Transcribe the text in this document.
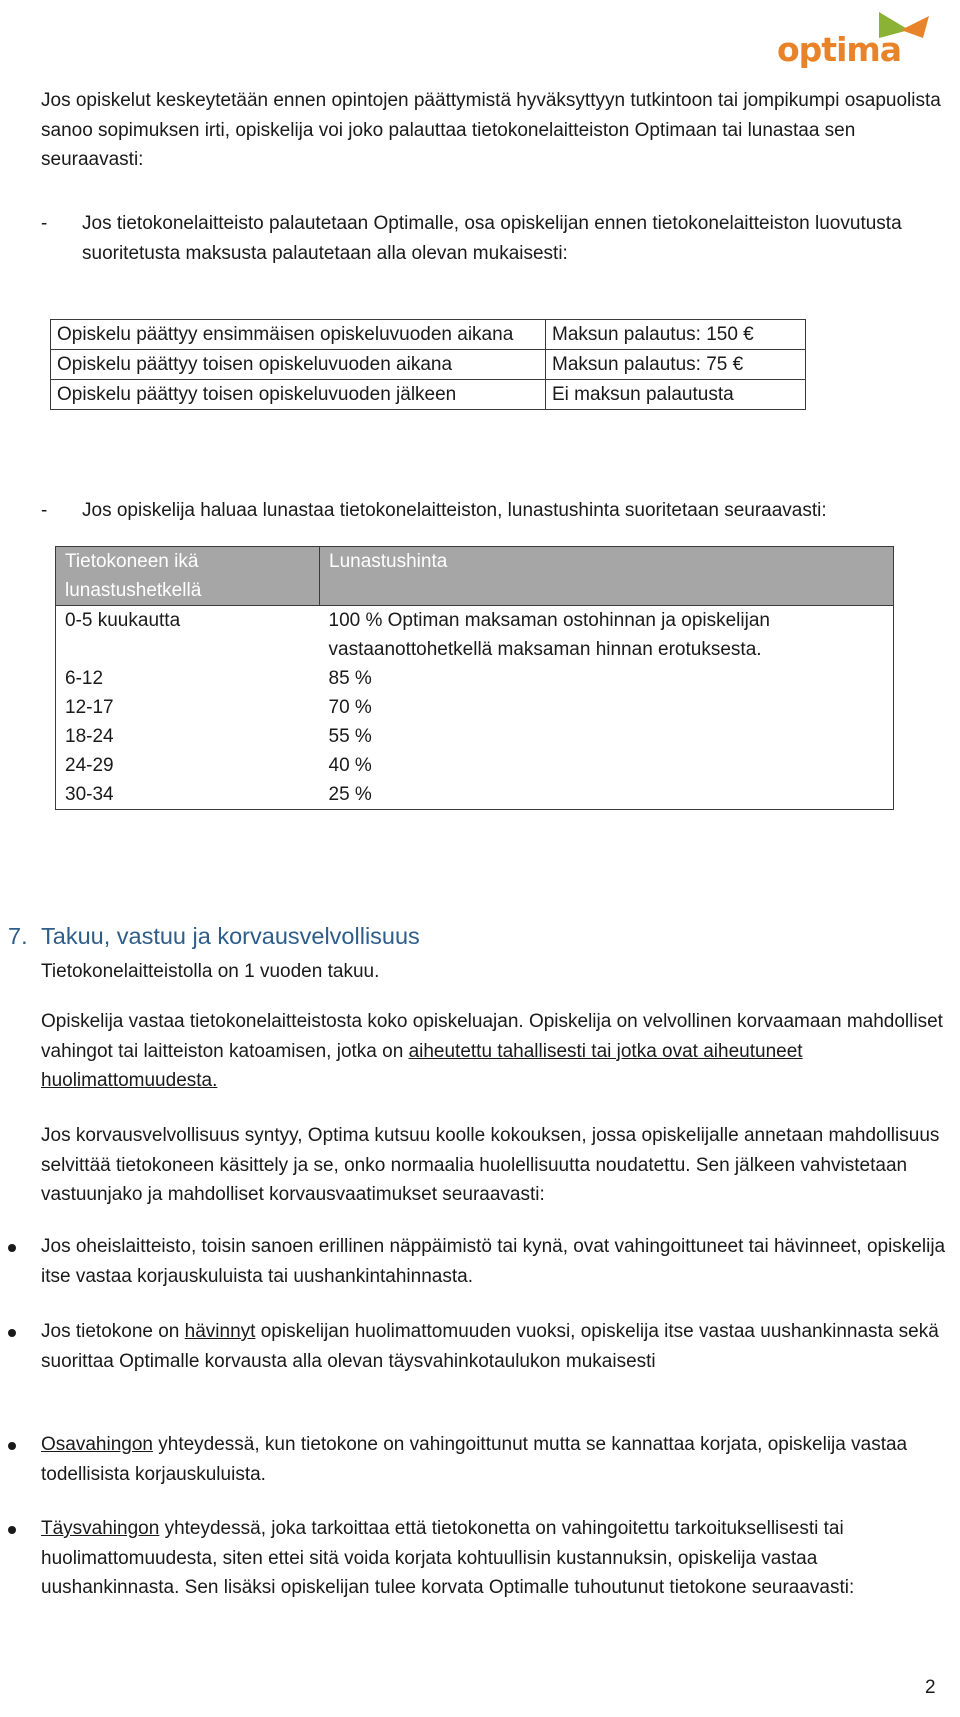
optima
Jos opiskelut keskeytetään ennen opintojen päättymistä hyväksyttyyn tutkintoon tai jompikumpi osapuolista sanoo sopimuksen irti, opiskelija voi joko palauttaa tietokonelaitteiston Optimaan tai lunastaa sen seuraavasti:
- Jos tietokonelaitteisto palautetaan Optimalle, osa opiskelijan ennen tietokonelaitteiston luovutusta suoritetusta maksusta palautetaan alla olevan mukaisesti:
Opiskelu päättyy ensimmäisen opiskeluvuoden aikana	Maksun palautus: 150 €
Opiskelu päättyy toisen opiskeluvuoden aikana	Maksun palautus: 75 €
Opiskelu päättyy toisen opiskeluvuoden jälkeen	Ei maksun palautusta
- Jos opiskelija haluaa lunastaa tietokonelaitteiston, lunastushinta suoritetaan seuraavasti:
Tietokoneen ikä lunastushetkellä	Lunastushinta
0-5 kuukautta	100 % Optiman maksaman ostohinnan ja opiskelijan vastaanottohetkellä maksaman hinnan erotuksesta.
6-12	85 %
12-17	70 %
18-24	55 %
24-29	40 %
30-34	25 %
7. Takuu, vastuu ja korvausvelvollisuus
Tietokonelaitteistolla on 1 vuoden takuu.
Opiskelija vastaa tietokonelaitteistosta koko opiskeluajan. Opiskelija on velvollinen korvaamaan mahdolliset vahingot tai laitteiston katoamisen, jotka on aiheutettu tahallisesti tai jotka ovat aiheutuneet huolimattomuudesta.
Jos korvausvelvollisuus syntyy, Optima kutsuu koolle kokouksen, jossa opiskelijalle annetaan mahdollisuus selvittää tietokoneen käsittely ja se, onko normaalia huolellisuutta noudatettu. Sen jälkeen vahvistetaan vastuunjako ja mahdolliset korvausvaatimukset seuraavasti:
Jos oheislaitteisto, toisin sanoen erillinen näppäimistö tai kynä, ovat vahingoittuneet tai hävinneet, opiskelija itse vastaa korjauskuluista tai uushankintahinnasta.
Jos tietokone on hävinnyt opiskelijan huolimattomuuden vuoksi, opiskelija itse vastaa uushankinnasta sekä suorittaa Optimalle korvausta alla olevan täysvahinkotaulukon mukaisesti
Osavahingon yhteydessä, kun tietokone on vahingoittunut mutta se kannattaa korjata, opiskelija vastaa todellisista korjauskuluista.
Täysvahingon yhteydessä, joka tarkoittaa että tietokonetta on vahingoitettu tarkoituksellisesti tai huolimattomuudesta, siten ettei sitä voida korjata kohtuullisin kustannuksin, opiskelija vastaa uushankinnasta. Sen lisäksi opiskelijan tulee korvata Optimalle tuhoutunut tietokone seuraavasti:
2
